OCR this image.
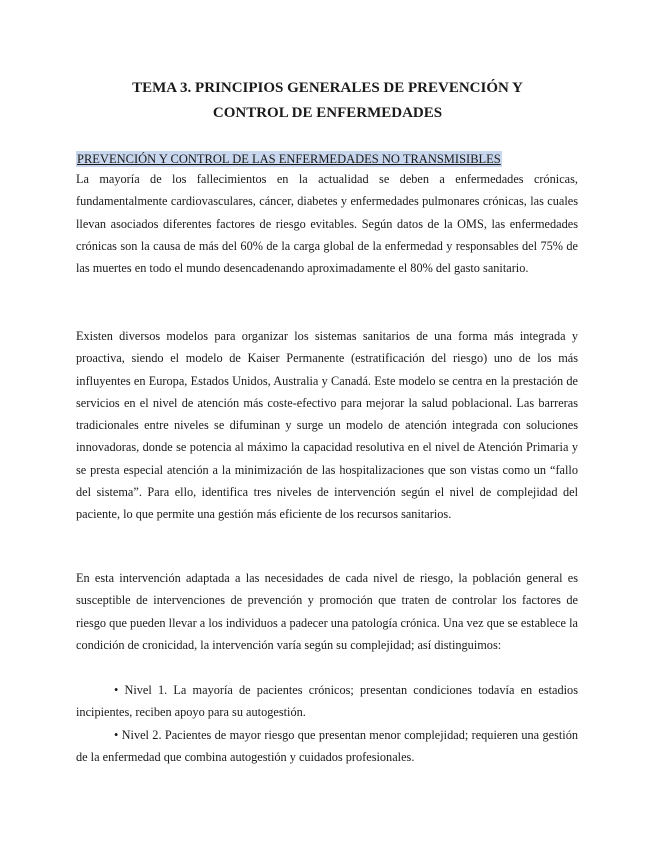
TEMA 3. PRINCIPIOS GENERALES DE PREVENCIÓN Y
CONTROL DE ENFERMEDADES
PREVENCIÓN Y CONTROL DE LAS ENFERMEDADES NO TRANSMISIBLES

La mayoría de los fallecimientos en la actualidad se deben a enfermedades crónicas, fundamentalmente cardiovasculares, cáncer, diabetes y enfermedades pulmonares crónicas, las cuales llevan asociados diferentes factores de riesgo evitables. Según datos de la OMS, las enfermedades crónicas son la causa de más del 60% de la carga global de la enfermedad y responsables del 75% de las muertes en todo el mundo desencadenando aproximadamente el 80% del gasto sanitario.

Existen diversos modelos para organizar los sistemas sanitarios de una forma más integrada y proactiva, siendo el modelo de Kaiser Permanente (estratificación del riesgo) uno de los más influyentes en Europa, Estados Unidos, Australia y Canadá. Este modelo se centra en la prestación de servicios en el nivel de atención más coste-efectivo para mejorar la salud poblacional. Las barreras tradicionales entre niveles se difuminan y surge un modelo de atención integrada con soluciones innovadoras, donde se potencia al máximo la capacidad resolutiva en el nivel de Atención Primaria y se presta especial atención a la minimización de las hospitalizaciones que son vistas como un “fallo del sistema”. Para ello, identifica tres niveles de intervención según el nivel de complejidad del paciente, lo que permite una gestión más eficiente de los recursos sanitarios.

En esta intervención adaptada a las necesidades de cada nivel de riesgo, la población general es susceptible de intervenciones de prevención y promoción que traten de controlar los factores de riesgo que pueden llevar a los individuos a padecer una patología crónica. Una vez que se establece la condición de cronicidad, la intervención varía según su complejidad; así distinguimos:

• Nivel 1. La mayoría de pacientes crónicos; presentan condiciones todavía en estadios incipientes, reciben apoyo para su autogestión.

• Nivel 2. Pacientes de mayor riesgo que presentan menor complejidad; requieren una gestión de la enfermedad que combina autogestión y cuidados profesionales.
